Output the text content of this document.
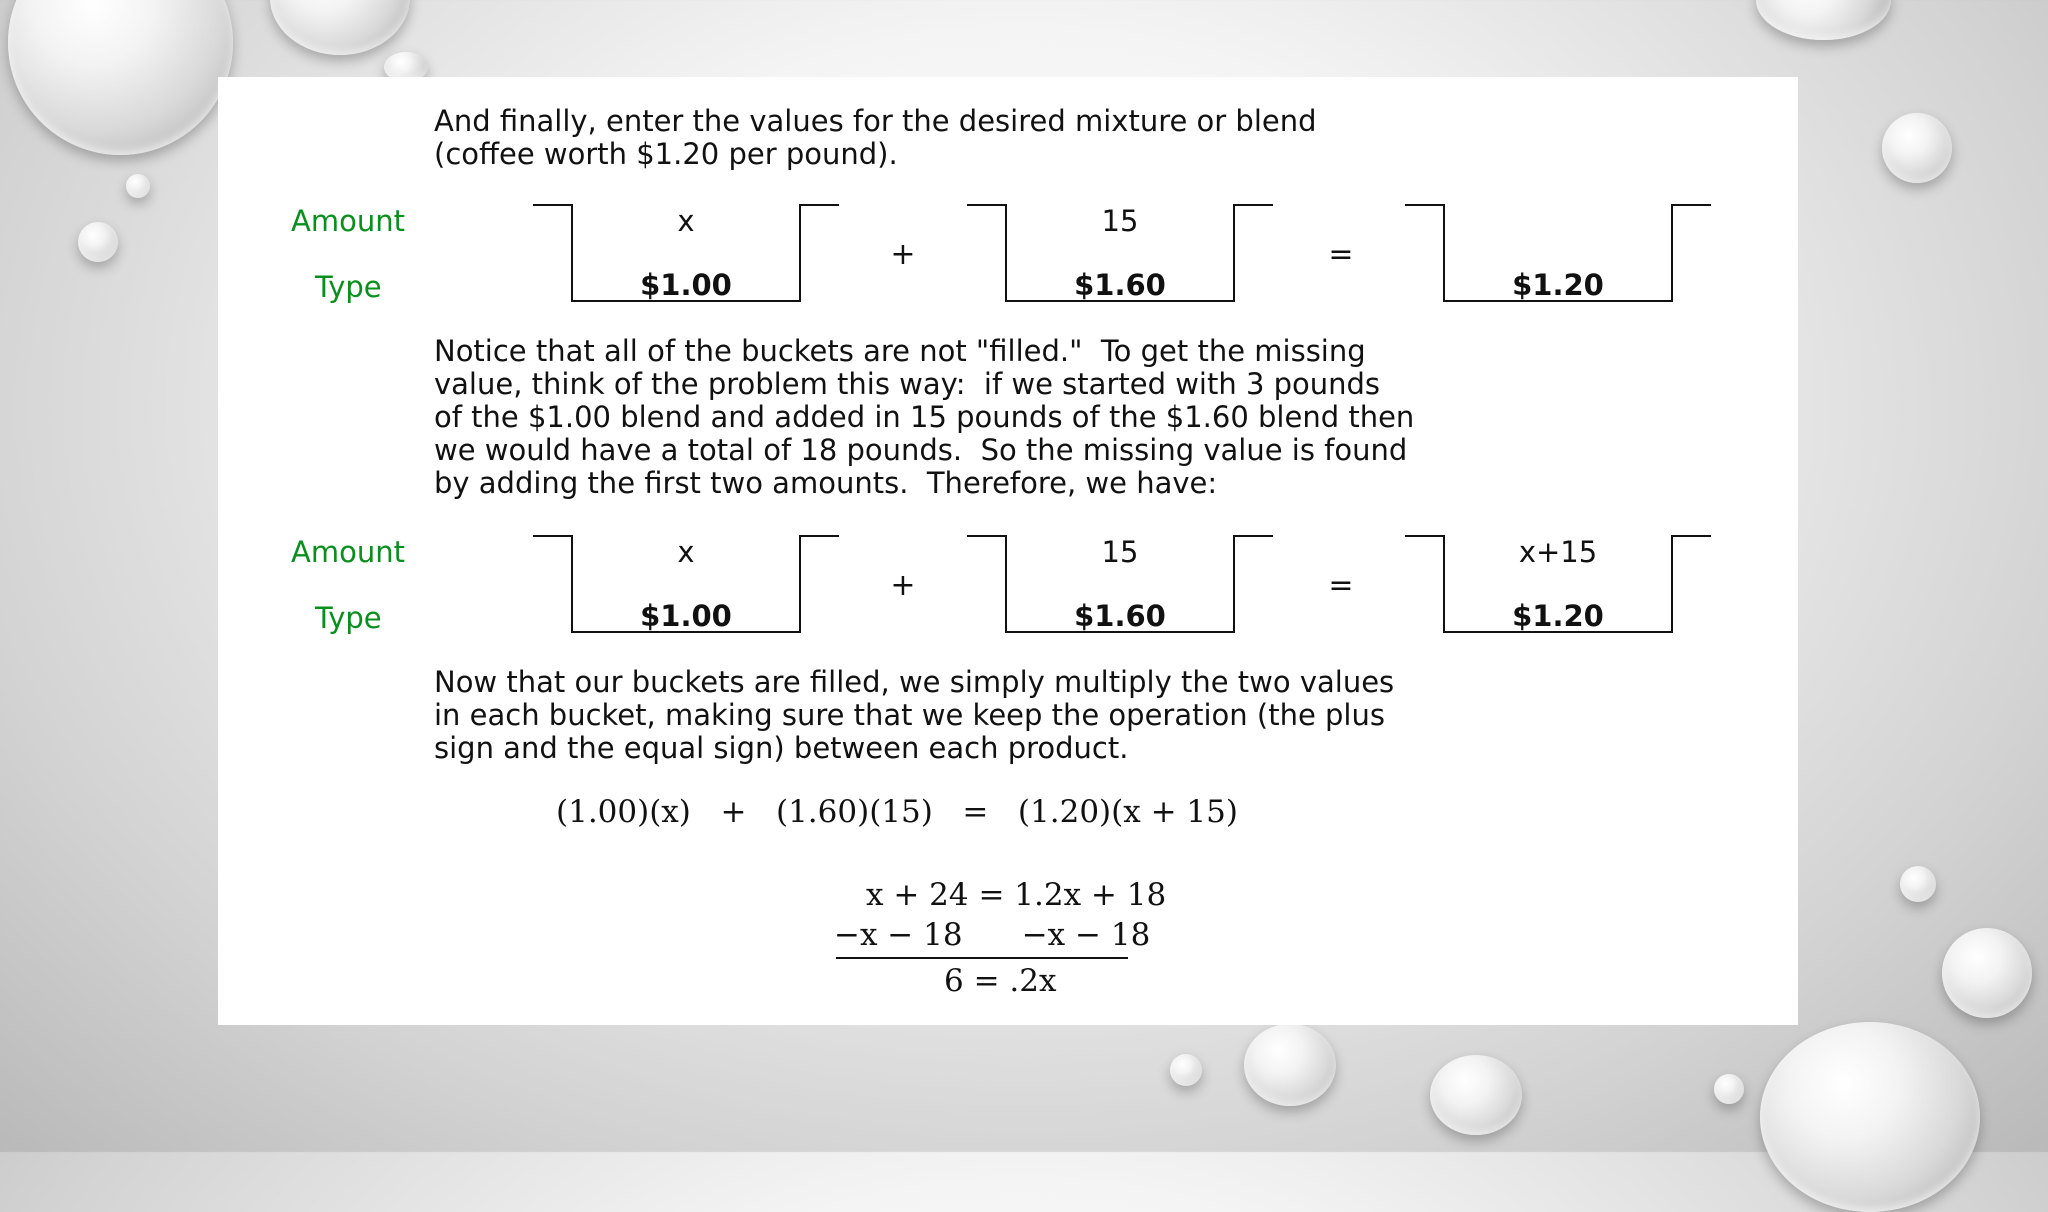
And finally, enter the values for the desired mixture or blend
(coffee worth $1.20 per pound).

Amount
Type
x
$1.00
+
15
$1.60
=
$1.20

Notice that all of the buckets are not "filled."  To get the missing
value, think of the problem this way:  if we started with 3 pounds
of the $1.00 blend and added in 15 pounds of the $1.60 blend then
we would have a total of 18 pounds.  So the missing value is found
by adding the first two amounts.  Therefore, we have:

Amount
Type
x
$1.00
+
15
$1.60
=
x+15
$1.20

Now that our buckets are filled, we simply multiply the two values
in each bucket, making sure that we keep the operation (the plus
sign and the equal sign) between each product.

(1.00)(x)   +   (1.60)(15)   =   (1.20)(x + 15)
x + 24 = 1.2x + 18
−x − 18      −x − 18
6 = .2x
